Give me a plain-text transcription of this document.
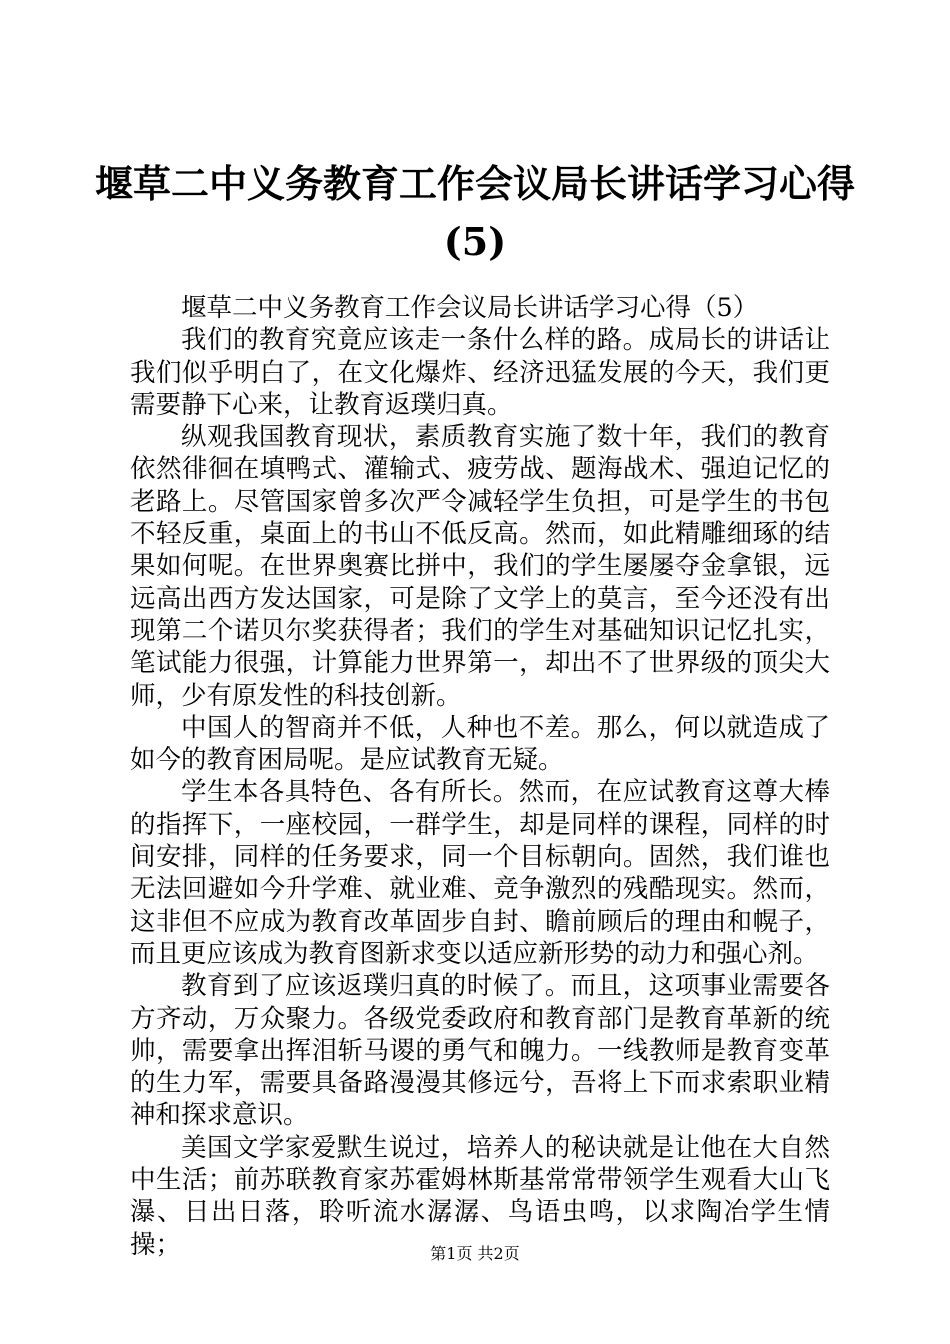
堰草二中义务教育工作会议局长讲话学习心得
(5)

堰草二中义务教育工作会议局长讲话学习心得（5）

我们的教育究竟应该走一条什么样的路。成局长的讲话让我们似乎明白了，在文化爆炸、经济迅猛发展的今天，我们更需要静下心来，让教育返璞归真。

纵观我国教育现状，素质教育实施了数十年，我们的教育依然徘徊在填鸭式、灌输式、疲劳战、题海战术、强迫记忆的老路上。尽管国家曾多次严令减轻学生负担，可是学生的书包不轻反重，桌面上的书山不低反高。然而，如此精雕细琢的结果如何呢。在世界奥赛比拼中，我们的学生屡屡夺金拿银，远远高出西方发达国家，可是除了文学上的莫言，至今还没有出现第二个诺贝尔奖获得者；我们的学生对基础知识记忆扎实，笔试能力很强，计算能力世界第一，却出不了世界级的顶尖大师，少有原发性的科技创新。

中国人的智商并不低，人种也不差。那么，何以就造成了如今的教育困局呢。是应试教育无疑。

学生本各具特色、各有所长。然而，在应试教育这尊大棒的指挥下，一座校园，一群学生，却是同样的课程，同样的时间安排，同样的任务要求，同一个目标朝向。固然，我们谁也无法回避如今升学难、就业难、竞争激烈的残酷现实。然而，这非但不应成为教育改革固步自封、瞻前顾后的理由和幌子，而且更应该成为教育图新求变以适应新形势的动力和强心剂。

教育到了应该返璞归真的时候了。而且，这项事业需要各方齐动，万众聚力。各级党委政府和教育部门是教育革新的统帅，需要拿出挥泪斩马谡的勇气和魄力。一线教师是教育变革的生力军，需要具备路漫漫其修远兮，吾将上下而求索职业精神和探求意识。

美国文学家爱默生说过，培养人的秘诀就是让他在大自然中生活；前苏联教育家苏霍姆林斯基常常带领学生观看大山飞瀑、日出日落，聆听流水潺潺、鸟语虫鸣，以求陶冶学生情操；	第1页 共2页
